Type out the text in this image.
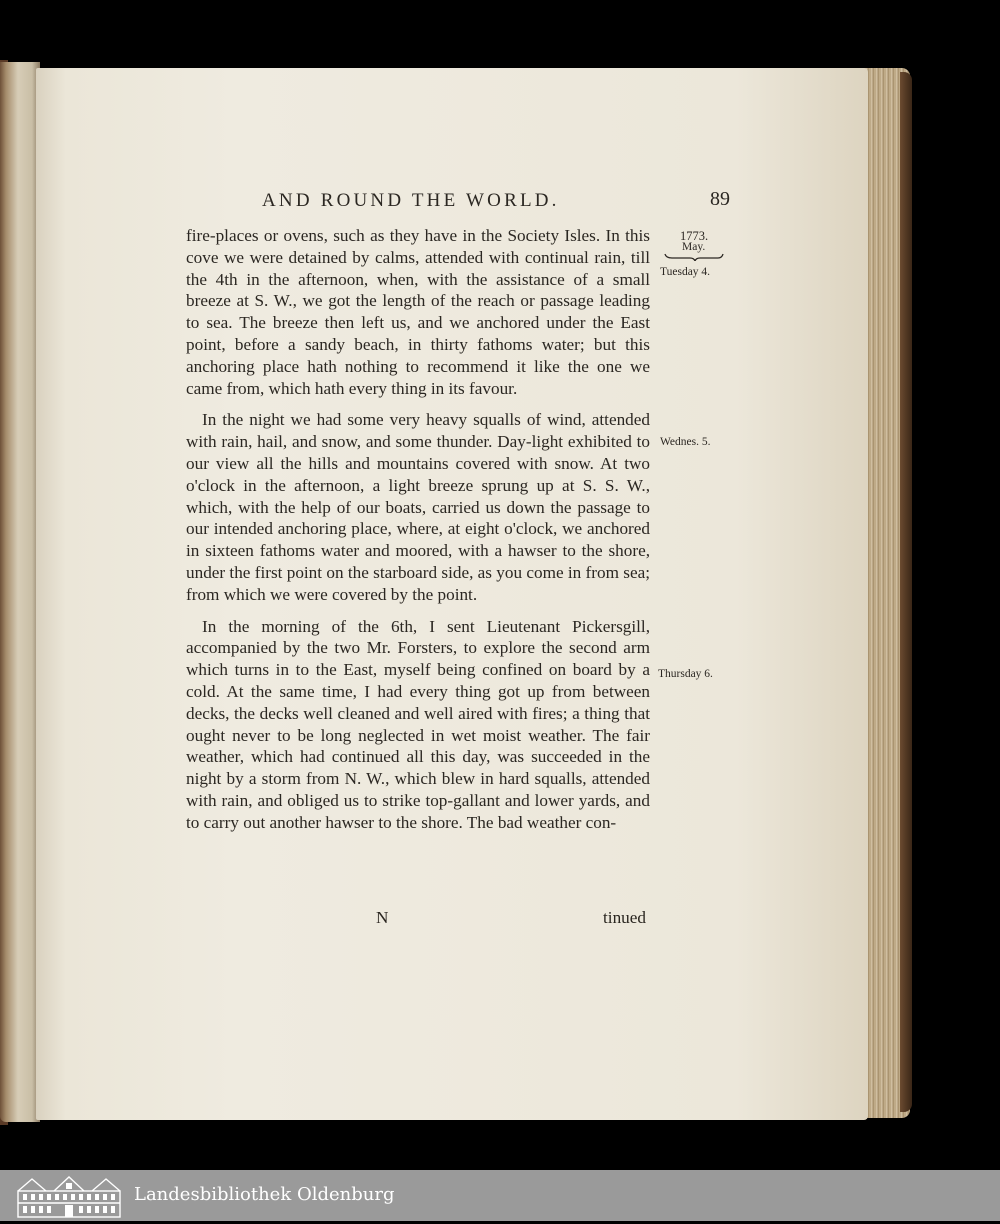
AND ROUND THE WORLD.	89
1773.
May.
Tuesday 4.
Wednes. 5.
Thursday 6.

fire-places or ovens, such as they have in the Society Isles. In this cove we were detained by calms, attended with continual rain, till the 4th in the afternoon, when, with the assistance of a small breeze at S. W., we got the length of the reach or passage leading to sea. The breeze then left us, and we anchored under the East point, before a sandy beach, in thirty fathoms water; but this anchoring place hath nothing to recommend it like the one we came from, which hath every thing in its favour.

In the night we had some very heavy squalls of wind, attended with rain, hail, and snow, and some thunder. Day-light exhibited to our view all the hills and mountains covered with snow. At two o'clock in the afternoon, a light breeze sprung up at S. S. W., which, with the help of our boats, carried us down the passage to our intended anchoring place, where, at eight o'clock, we anchored in sixteen fathoms water and moored, with a hawser to the shore, under the first point on the starboard side, as you come in from sea; from which we were covered by the point.

In the morning of the 6th, I sent Lieutenant Pickersgill, accompanied by the two Mr. Forsters, to explore the second arm which turns in to the East, myself being confined on board by a cold. At the same time, I had every thing got up from between decks, the decks well cleaned and well aired with fires; a thing that ought never to be long neglected in wet moist weather. The fair weather, which had continued all this day, was succeeded in the night by a storm from N. W., which blew in hard squalls, attended with rain, and obliged us to strike top-gallant and lower yards, and to carry out another hawser to the shore. The bad weather con-

N	tinued
Landesbibliothek Oldenburg
